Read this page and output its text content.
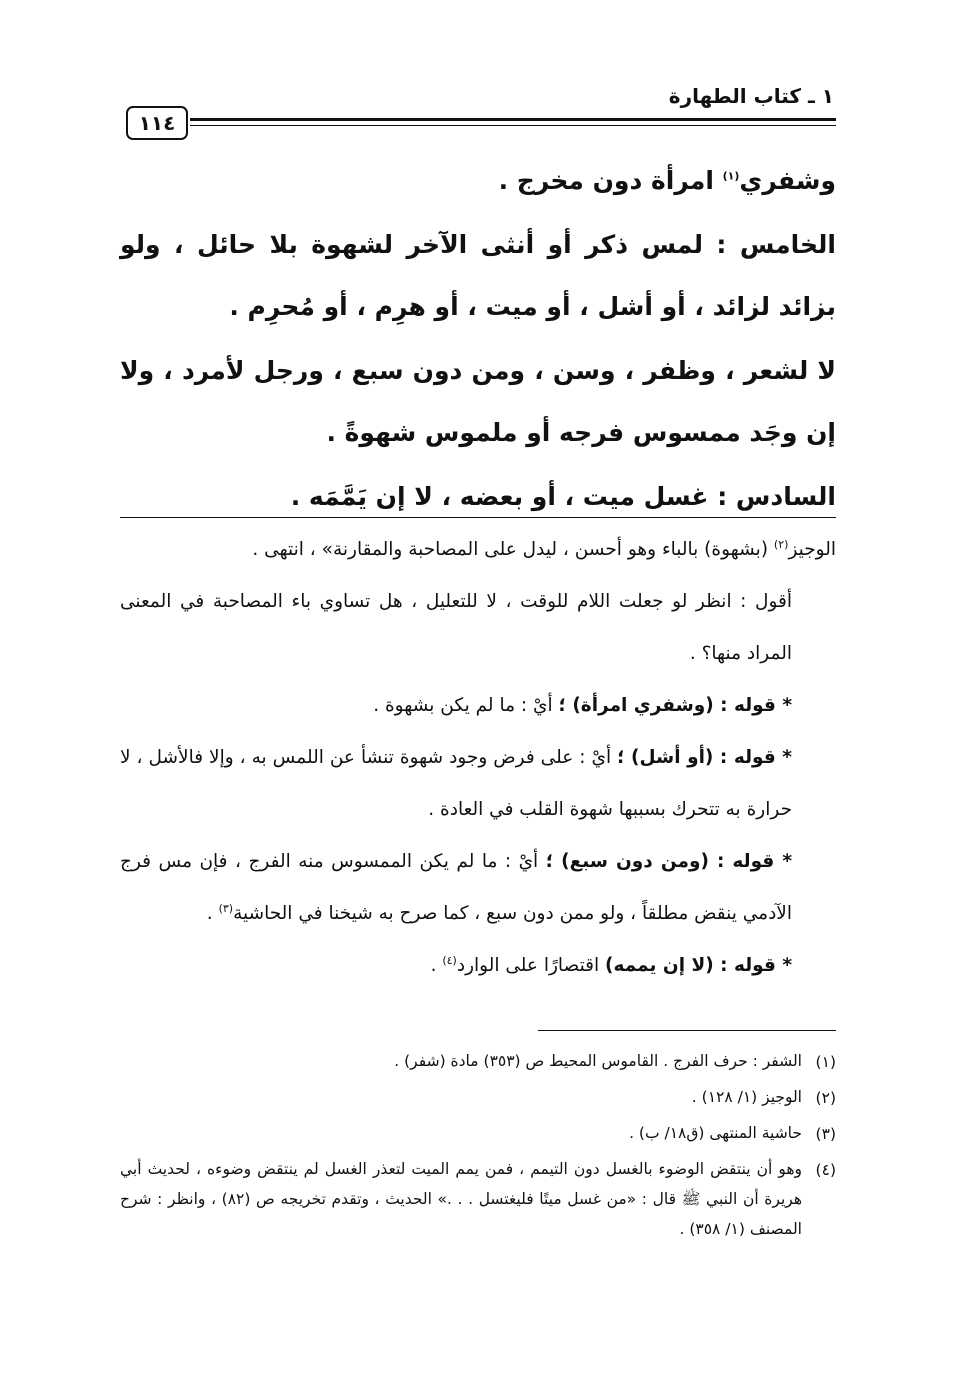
١ ـ كتاب الطهارة
١١٤

وشفري$^{(١)}$ امرأة دون مخرج .

الخامس : لمس ذكر أو أنثى الآخر لشهوة بلا حائل ، ولو بزائد لزائد ، أو أشل ، أو ميت ، أو هرِم ، أو مُحرِم .

لا لشعر ، وظفر ، وسن ، ومن دون سبع ، ورجل لأمرد ، ولا إن وجَد ممسوس فرجه أو ملموس شهوةً .

السادس : غسل ميت ، أو بعضه ، لا إن يَمَّمَه .

الوجيز$^{(٢)}$ (بشهوة) بالباء وهو أحسن ، ليدل على المصاحبة والمقارنة» ، انتهى .

أقول : انظر لو جعلت اللام للوقت ، لا للتعليل ، هل تساوي باء المصاحبة في المعنى المراد منها؟ .

* قوله : (وشفري امرأة) ؛ أيْ : ما لم يكن بشهوة .

* قوله : (أو أشل) ؛ أيْ : على فرض وجود شهوة تنشأ عن اللمس به ، وإلا فالأشل ، لا حرارة به تتحرك بسببها شهوة القلب في العادة .

* قوله : (ومن دون سبع) ؛ أيْ : ما لم يكن الممسوس منه الفرج ، فإن مس فرج الآدمي ينقض مطلقاً ، ولو ممن دون سبع ، كما صرح به شيخنا في الحاشية$^{(٣)}$ .

* قوله : (لا إن يممه) اقتصارًا على الوارد$^{(٤)}$ .

(١)
الشفر : حرف الفرج . القاموس المحيط ص (٣٥٣) مادة (شفر) .
(٢)
الوجيز (١/ ١٢٨) .
(٣)
حاشية المنتهى (ق١٨/ ب) .
(٤)
وهو أن ينتقض الوضوء بالغسل دون التيمم ، فمن يمم الميت لتعذر الغسل لم ينتقض وضوءه ، لحديث أبي هريرة أن النبي ﷺ قال : «من غسل ميتًا فليغتسل . . .» الحديث ، وتقدم تخريجه ص (٨٢) ، وانظر : شرح المصنف (١/ ٣٥٨) .
